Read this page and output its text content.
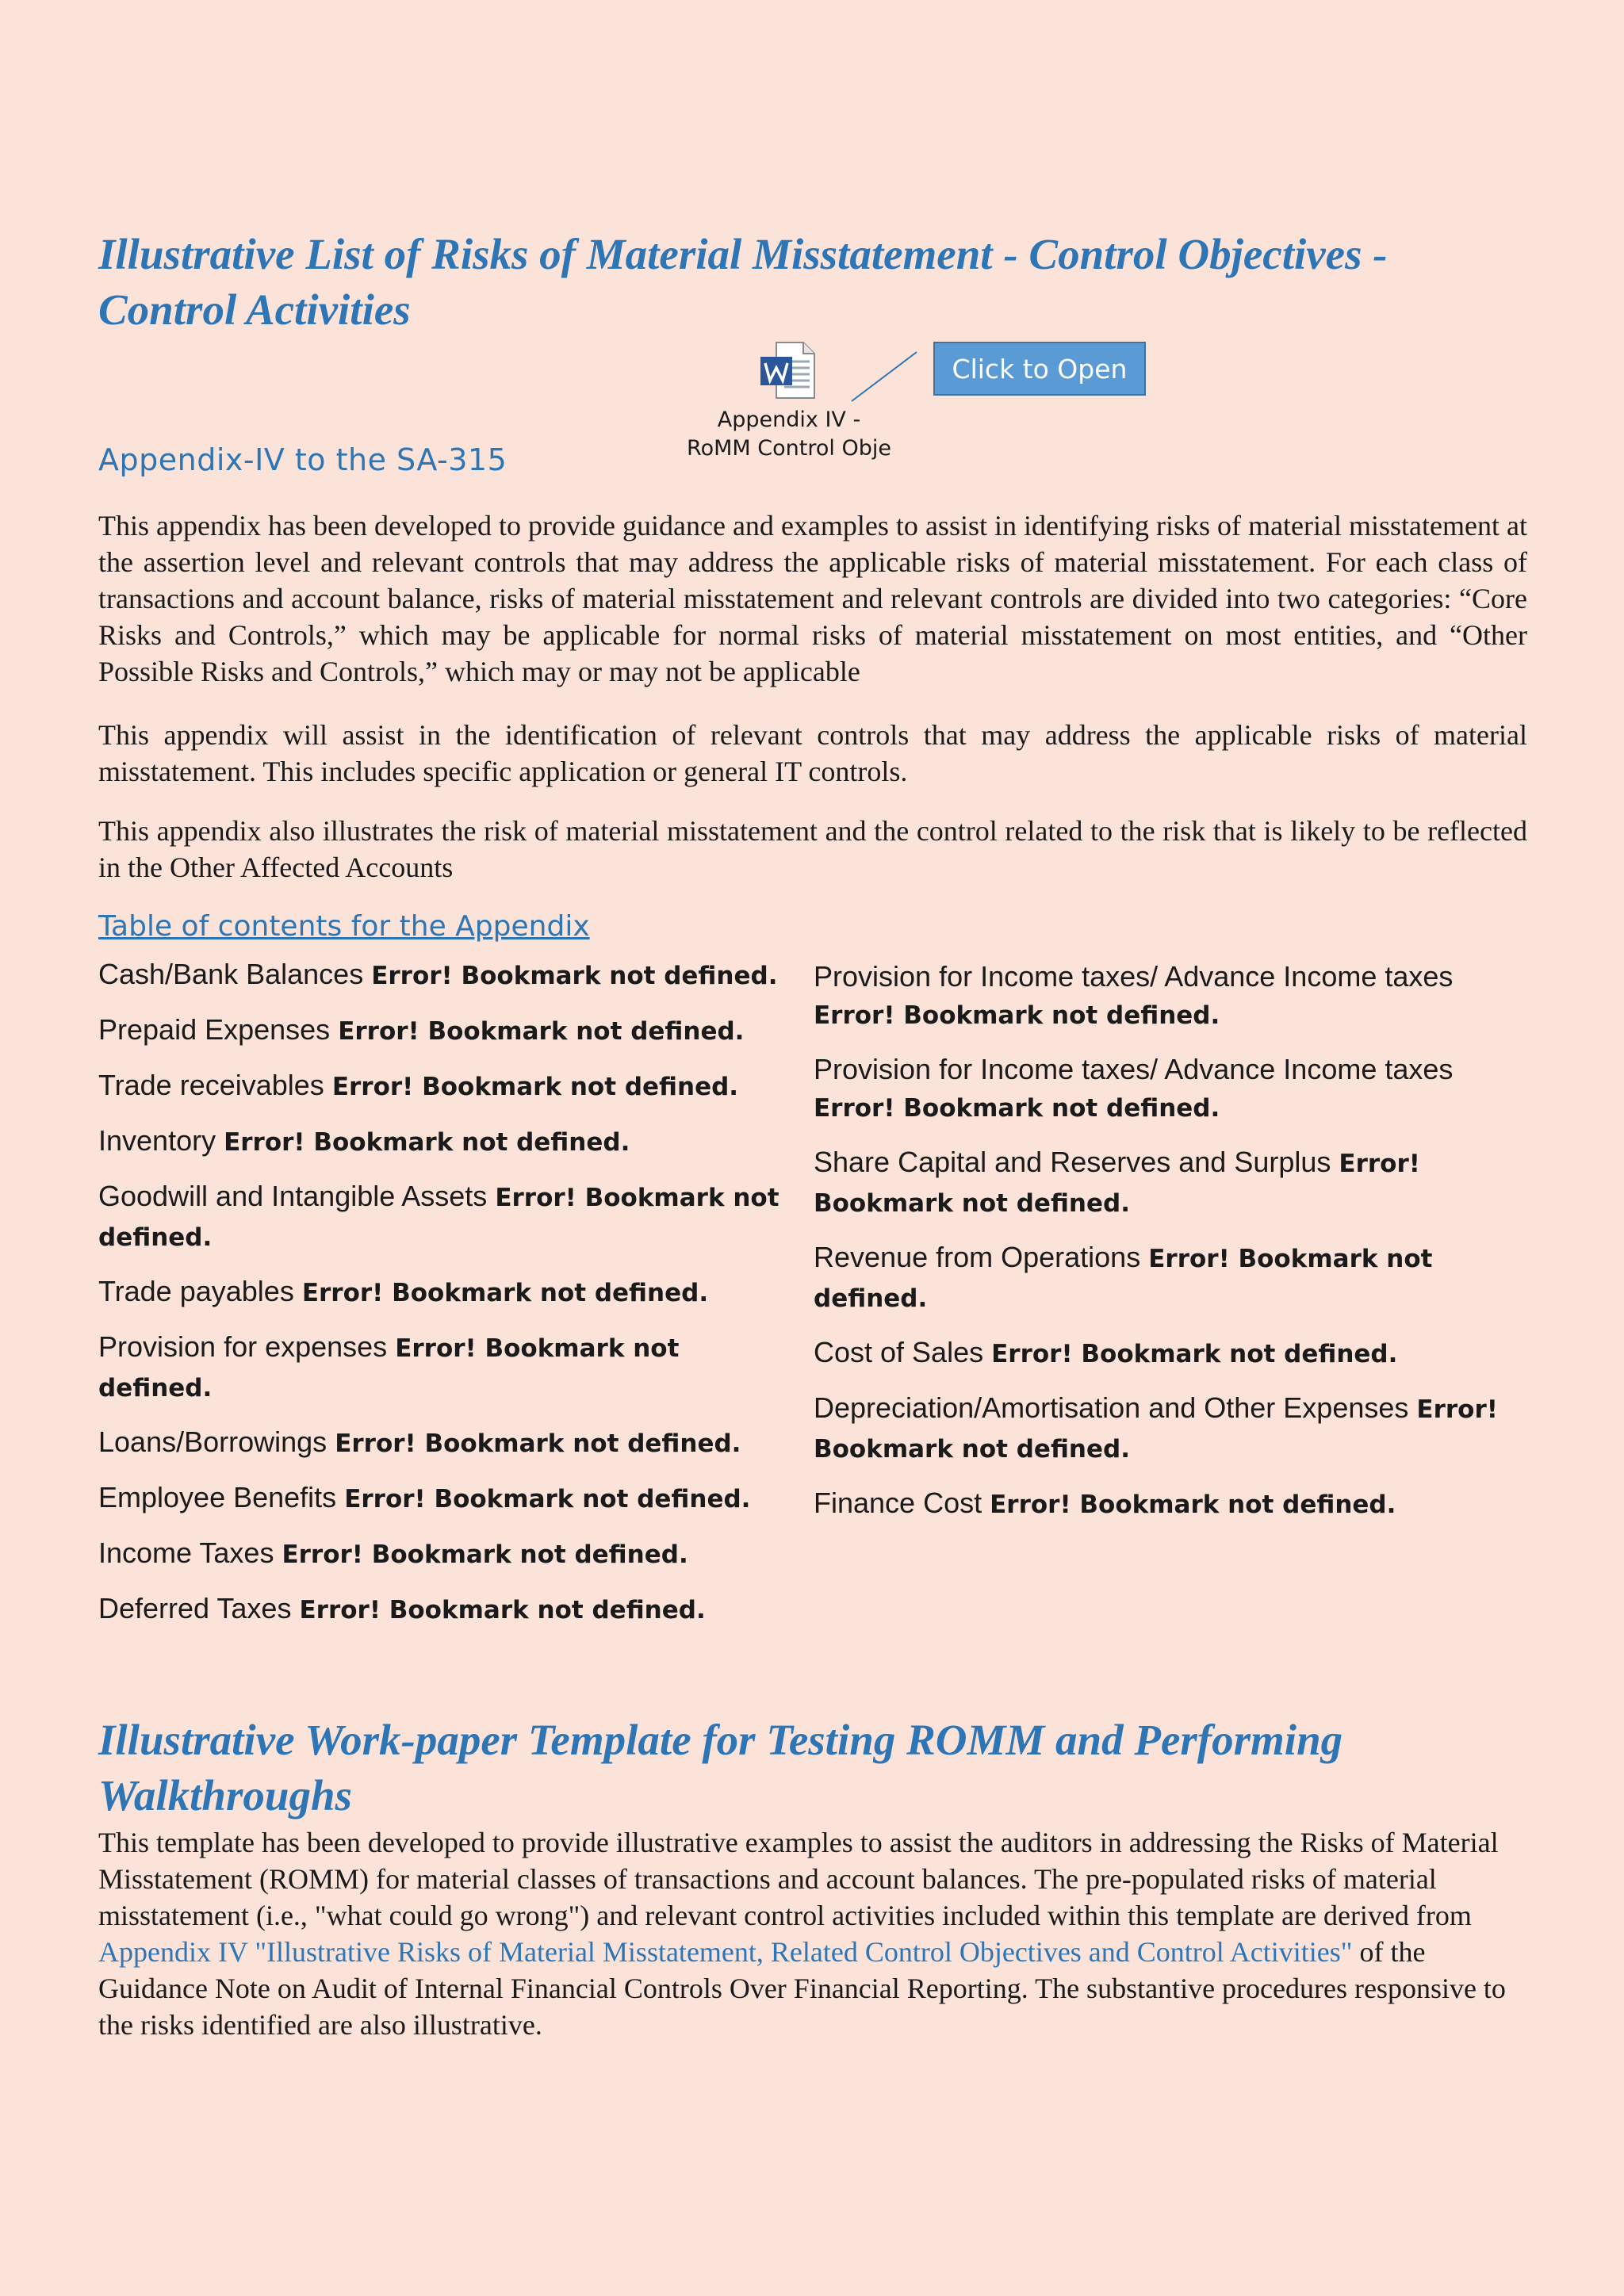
Illustrative List of Risks of Material Misstatement - Control Objectives - Control Activities
Appendix IV -
RoMM Control Obje
Click to Open
Appendix-IV to the SA-315

This appendix has been developed to provide guidance and examples to assist in identifying risks of material misstatement at the assertion level and relevant controls that may address the applicable risks of material misstatement. For each class of transactions and account balance, risks of material misstatement and relevant controls are divided into two categories: “Core Risks and Controls,” which may be applicable for normal risks of material misstatement on most entities, and “Other Possible Risks and Controls,” which may or may not be applicable

This appendix will assist in the identification of relevant controls that may address the applicable risks of material misstatement. This includes specific application or general IT controls.

This appendix also illustrates the risk of material misstatement and the control related to the risk that is likely to be reflected in the Other Affected Accounts

Table of contents for the Appendix
Cash/Bank Balances Error! Bookmark not defined.
Prepaid Expenses Error! Bookmark not defined.
Trade receivables Error! Bookmark not defined.
Inventory Error! Bookmark not defined.
Goodwill and Intangible Assets Error! Bookmark not defined.
Trade payables Error! Bookmark not defined.
Provision for expenses Error! Bookmark not defined.
Loans/Borrowings Error! Bookmark not defined.
Employee Benefits Error! Bookmark not defined.
Income Taxes Error! Bookmark not defined.
Deferred Taxes Error! Bookmark not defined.
Provision for Income taxes/ Advance Income taxes Error! Bookmark not defined.
Provision for Income taxes/ Advance Income taxes Error! Bookmark not defined.
Share Capital and Reserves and Surplus Error! Bookmark not defined.
Revenue from Operations Error! Bookmark not defined.
Cost of Sales Error! Bookmark not defined.
Depreciation/Amortisation and Other Expenses Error! Bookmark not defined.
Finance Cost Error! Bookmark not defined.
Illustrative Work-paper Template for Testing ROMM and Performing Walkthroughs

This template has been developed to provide illustrative examples to assist the auditors in addressing the Risks of Material Misstatement (ROMM) for material classes of transactions and account balances. The pre-populated risks of material misstatement (i.e., "what could go wrong") and relevant control activities included within this template are derived from Appendix IV "Illustrative Risks of Material Misstatement, Related Control Objectives and Control Activities" of the Guidance Note on Audit of Internal Financial Controls Over Financial Reporting. The substantive procedures responsive to the risks identified are also illustrative.
